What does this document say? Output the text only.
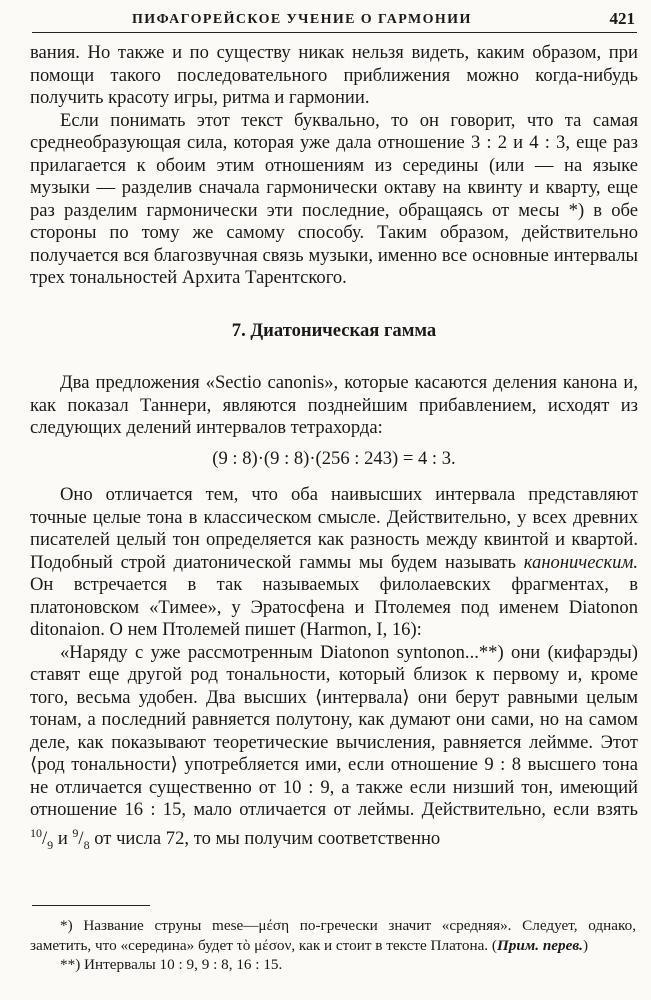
ПИФАГОРЕЙСКОЕ УЧЕНИЕ О ГАРМОНИИ	421

вания. Но также и по существу никак нельзя видеть, каким образом, при помощи такого последовательного приближения можно когда-нибудь получить красоту игры, ритма и гармонии.

Если понимать этот текст буквально, то он говорит, что та самая среднеобразующая сила, которая уже дала отношение 3 : 2 и 4 : 3, еще раз прилагается к обоим этим отношениям из середины (или — на языке музыки — разделив сначала гармонически октаву на квинту и кварту, еще раз разделим гармонически эти последние, обращаясь от месы *) в обе стороны по тому же самому способу. Таким образом, действительно получается вся благозвучная связь музыки, именно все основные интервалы трех тональностей Архита Тарентского.

7. Диатоническая гамма

Два предложения «Sectio canonis», которые касаются деления канона и, как показал Таннери, являются позднейшим прибавлением, исходят из следующих делений интервалов тетрахорда:

(9 : 8)·(9 : 8)·(256 : 243) = 4 : 3.

Оно отличается тем, что оба наивысших интервала представляют точные целые тона в классическом смысле. Действительно, у всех древних писателей целый тон определяется как разность между квинтой и квартой. Подобный строй диатонической гаммы мы будем называть каноническим. Он встречается в так называемых филолаевских фрагментах, в платоновском «Тимее», у Эратосфена и Птолемея под именем Diatonon ditonaion. О нем Птолемей пишет (Harmon, I, 16):

«Наряду с уже рассмотренным Diatonon syntonon...**) они (кифарэды) ставят еще другой род тональности, который близок к первому и, кроме того, весьма удобен. Два высших ⟨интервала⟩ они берут равными целым тонам, а последний равняется полутону, как думают они сами, но на самом деле, как показывают теоретические вычисления, равняется леймме. Этот ⟨род тональности⟩ употребляется ими, если отношение 9 : 8 высшего тона не отличается существенно от 10 : 9, а также если низший тон, имеющий отношение 16 : 15, мало отличается от леймы. Действительно, если взять $^{10}/_9$ и $^9/_8$ от числа 72, то мы получим соответственно

*) Название струны mese—μέση по-гречески значит «средняя». Следует, однако, заметить, что «середина» будет τὸ μέσον, как и стоит в тексте Платона. (Прим. перев.)

**) Интервалы 10 : 9, 9 : 8, 16 : 15.
